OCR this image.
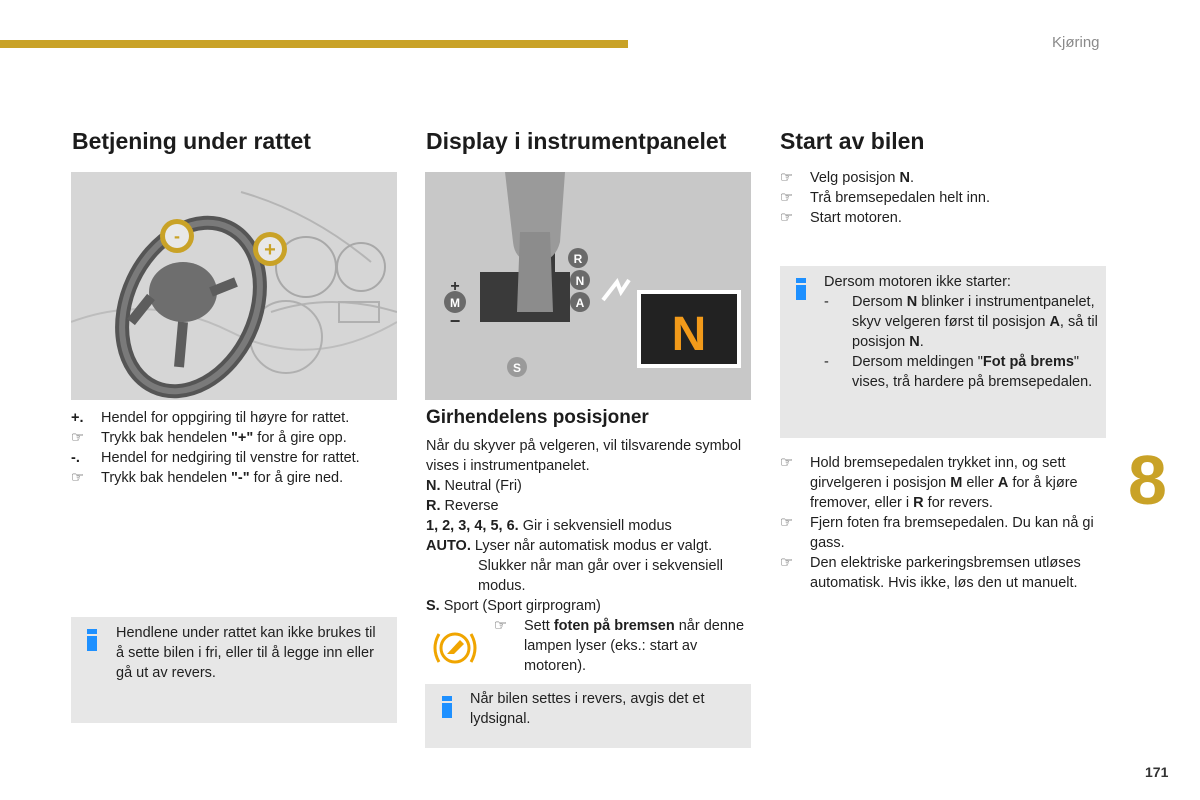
Kjøring
8
171
Betjening under rattet
-
+
+.	Hendel for oppgiring til høyre for rattet.
☞	Trykk bak hendelen "+" for å gire opp.
-.	Hendel for nedgiring til venstre for rattet.
☞	Trykk bak hendelen "-" for å gire ned.
Hendlene under rattet kan ikke brukes til å sette bilen i fri, eller til å legge inn eller gå ut av revers.
Display i instrumentpanelet
R
N
A
S
M
+
−	N
Girhendelens posisjoner
Når du skyver på velgeren, vil tilsvarende symbol vises i instrumentpanelet.
N. Neutral (Fri)
R. Reverse
1, 2, 3, 4, 5, 6. Gir i sekvensiell modus
AUTO. Lyser når automatisk modus er valgt.
Slukker når man går over i sekvensiell modus.
S. Sport (Sport girprogram)
☞	Sett foten på bremsen når denne lampen lyser (eks.: start av motoren).
Når bilen settes i revers, avgis det et lydsignal.
Start av bilen
☞	Velg posisjon N.
☞	Trå bremsepedalen helt inn.
☞	Start motoren.
Dersom motoren ikke starter:
-	Dersom N blinker i instrumentpanelet, skyv velgeren først til posisjon A, så til posisjon N.
-	Dersom meldingen "Fot på brems" vises, trå hardere på bremsepedalen.
☞	Hold bremsepedalen trykket inn, og sett girvelgeren i posisjon M eller A for å kjøre fremover, eller i R for revers.
☞	Fjern foten fra bremsepedalen. Du kan nå gi gass.
☞	Den elektriske parkeringsbremsen utløses automatisk. Hvis ikke, løs den ut manuelt.
